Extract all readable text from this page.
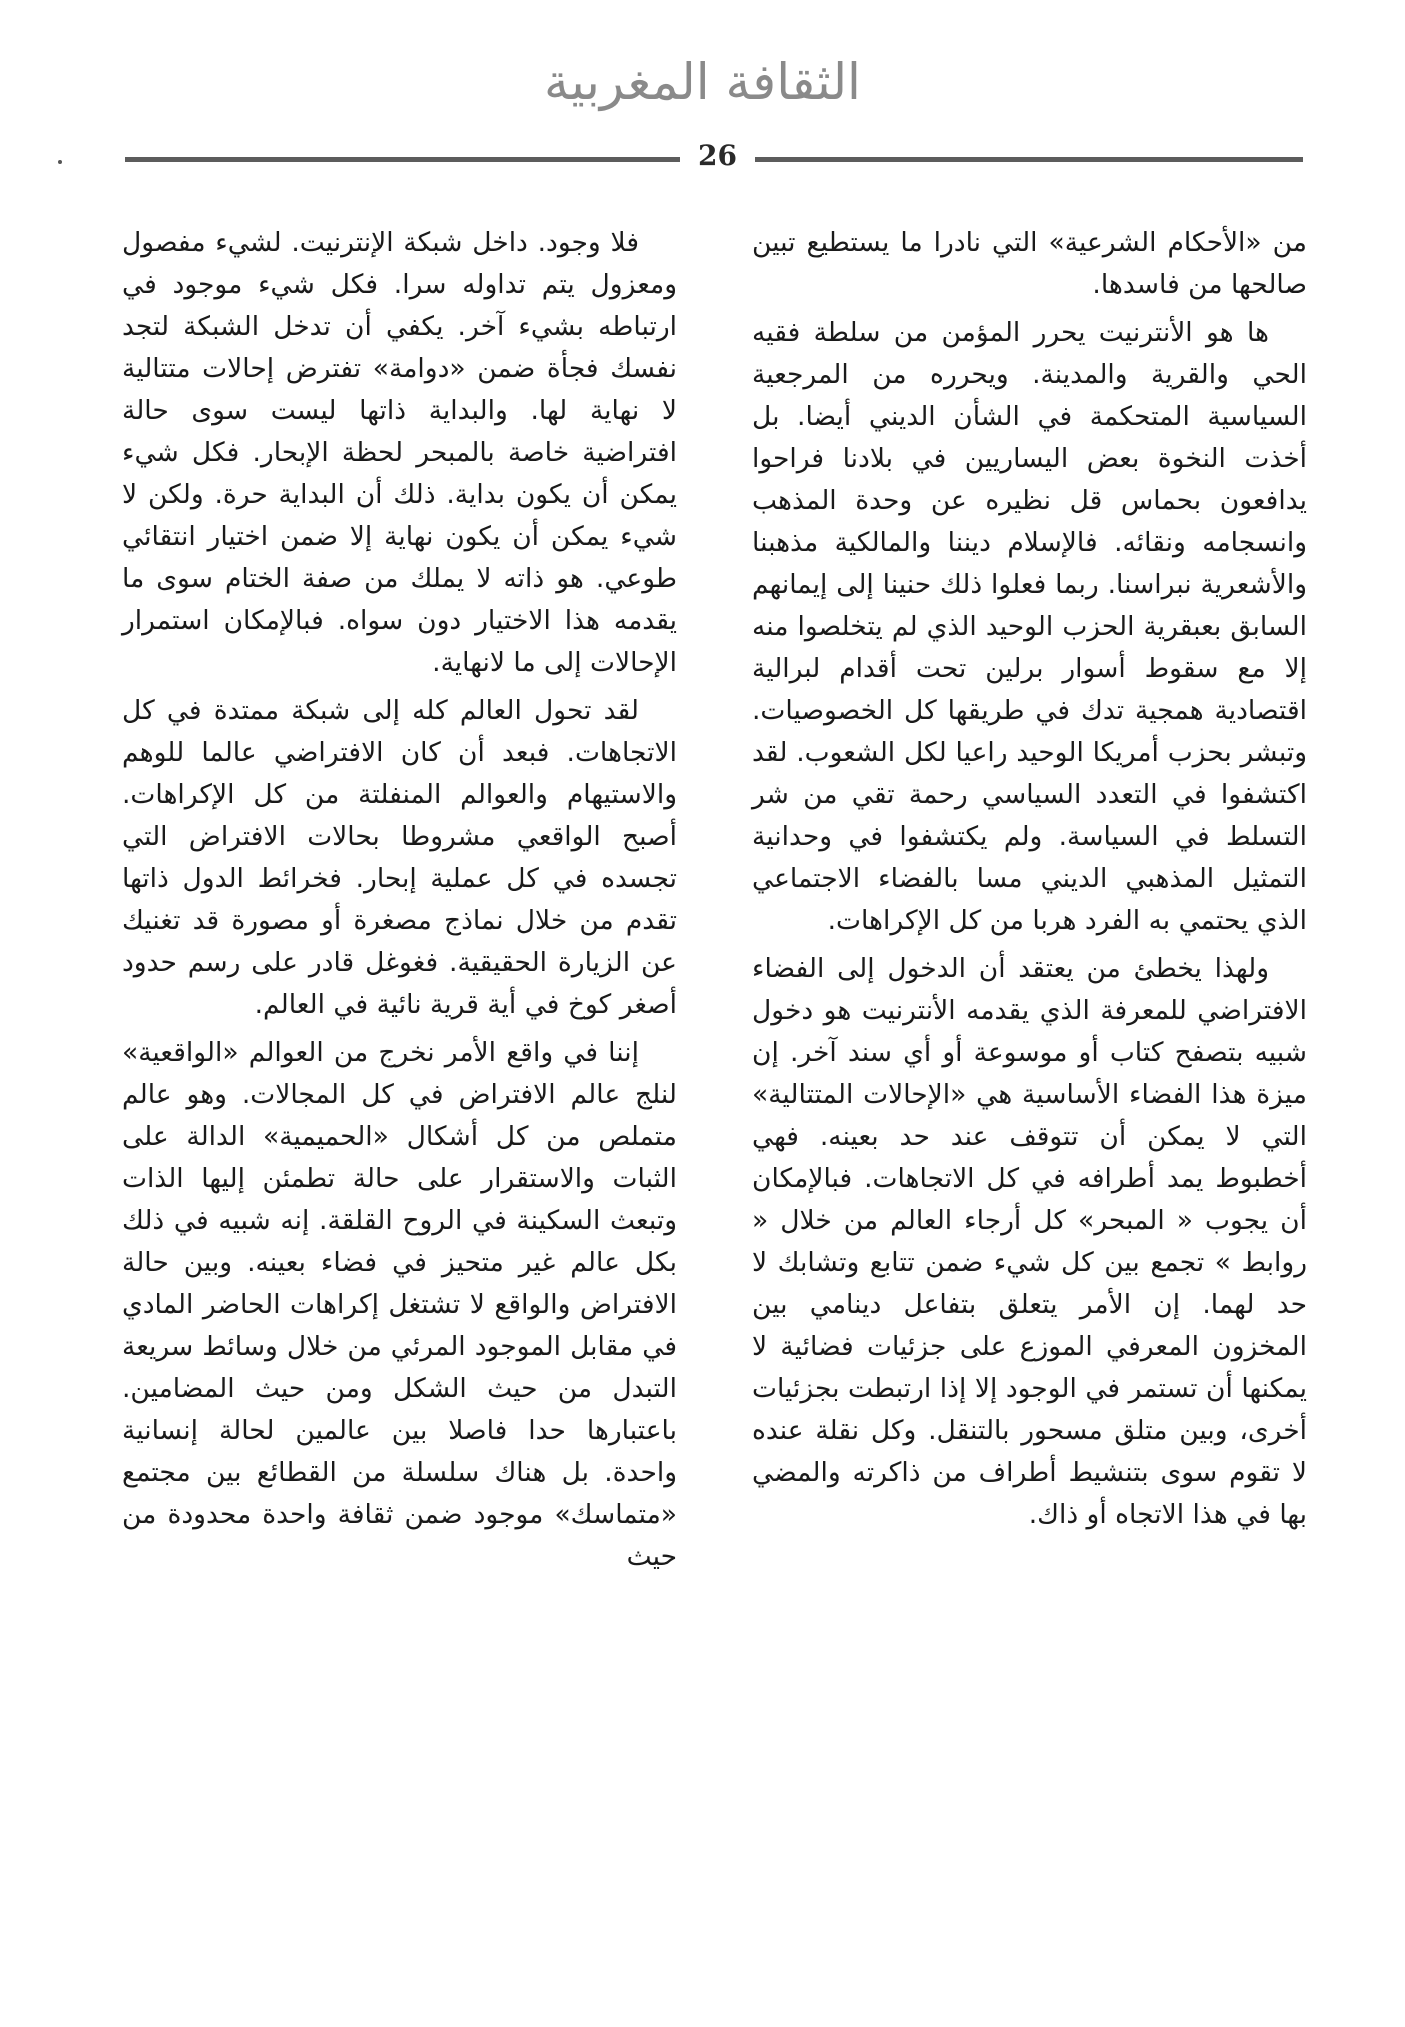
الثقافة المغربية
26

من «الأحكام الشرعية» التي نادرا ما يستطيع تبين صالحها من فاسدها.

ها هو الأنترنيت يحرر المؤمن من سلطة فقيه الحي والقرية والمدينة. ويحرره من المرجعية السياسية المتحكمة في الشأن الديني أيضا. بل أخذت النخوة بعض اليساريين في بلادنا فراحوا يدافعون بحماس قل نظيره عن وحدة المذهب وانسجامه ونقائه. فالإسلام ديننا والمالكية مذهبنا والأشعرية نبراسنا. ربما فعلوا ذلك حنينا إلى إيمانهم السابق بعبقرية الحزب الوحيد الذي لم يتخلصوا منه إلا مع سقوط أسوار برلين تحت أقدام لبرالية اقتصادية همجية تدك في طريقها كل الخصوصيات. وتبشر بحزب أمريكا الوحيد راعيا لكل الشعوب. لقد اكتشفوا في التعدد السياسي رحمة تقي من شر التسلط في السياسة. ولم يكتشفوا في وحدانية التمثيل المذهبي الديني مسا بالفضاء الاجتماعي الذي يحتمي به الفرد هربا من كل الإكراهات.

ولهذا يخطئ من يعتقد أن الدخول إلى الفضاء الافتراضي للمعرفة الذي يقدمه الأنترنيت هو دخول شبيه بتصفح كتاب أو موسوعة أو أي سند آخر. إن ميزة هذا الفضاء الأساسية هي «الإحالات المتتالية» التي لا يمكن أن تتوقف عند حد بعينه. فهي أخطبوط يمد أطرافه في كل الاتجاهات. فبالإمكان أن يجوب « المبحر» كل أرجاء العالم من خلال « روابط » تجمع بين كل شيء ضمن تتابع وتشابك لا حد لهما. إن الأمر يتعلق بتفاعل دينامي بين المخزون المعرفي الموزع على جزئيات فضائية لا يمكنها أن تستمر في الوجود إلا إذا ارتبطت بجزئيات أخرى، وبين متلق مسحور بالتنقل. وكل نقلة عنده لا تقوم سوى بتنشيط أطراف من ذاكرته والمضي بها في هذا الاتجاه أو ذاك.

فلا وجود. داخل شبكة الإنترنيت. لشيء مفصول ومعزول يتم تداوله سرا. فكل شيء موجود في ارتباطه بشيء آخر. يكفي أن تدخل الشبكة لتجد نفسك فجأة ضمن «دوامة» تفترض إحالات متتالية لا نهاية لها. والبداية ذاتها ليست سوى حالة افتراضية خاصة بالمبحر لحظة الإبحار. فكل شيء يمكن أن يكون بداية. ذلك أن البداية حرة. ولكن لا شيء يمكن أن يكون نهاية إلا ضمن اختيار انتقائي طوعي. هو ذاته لا يملك من صفة الختام سوى ما يقدمه هذا الاختيار دون سواه. فبالإمكان استمرار الإحالات إلى ما لانهاية.

لقد تحول العالم كله إلى شبكة ممتدة في كل الاتجاهات. فبعد أن كان الافتراضي عالما للوهم والاستيهام والعوالم المنفلتة من كل الإكراهات. أصبح الواقعي مشروطا بحالات الافتراض التي تجسده في كل عملية إبحار. فخرائط الدول ذاتها تقدم من خلال نماذج مصغرة أو مصورة قد تغنيك عن الزيارة الحقيقية. فغوغل قادر على رسم حدود أصغر كوخ في أية قرية نائية في العالم.

إننا في واقع الأمر نخرج من العوالم «الواقعية» لنلج عالم الافتراض في كل المجالات. وهو عالم متملص من كل أشكال «الحميمية» الدالة على الثبات والاستقرار على حالة تطمئن إليها الذات وتبعث السكينة في الروح القلقة. إنه شبيه في ذلك بكل عالم غير متحيز في فضاء بعينه. وبين حالة الافتراض والواقع لا تشتغل إكراهات الحاضر المادي في مقابل الموجود المرئي من خلال وسائط سريعة التبدل من حيث الشكل ومن حيث المضامين. باعتبارها حدا فاصلا بين عالمين لحالة إنسانية واحدة. بل هناك سلسلة من القطائع بين مجتمع «متماسك» موجود ضمن ثقافة واحدة محدودة من حيث
